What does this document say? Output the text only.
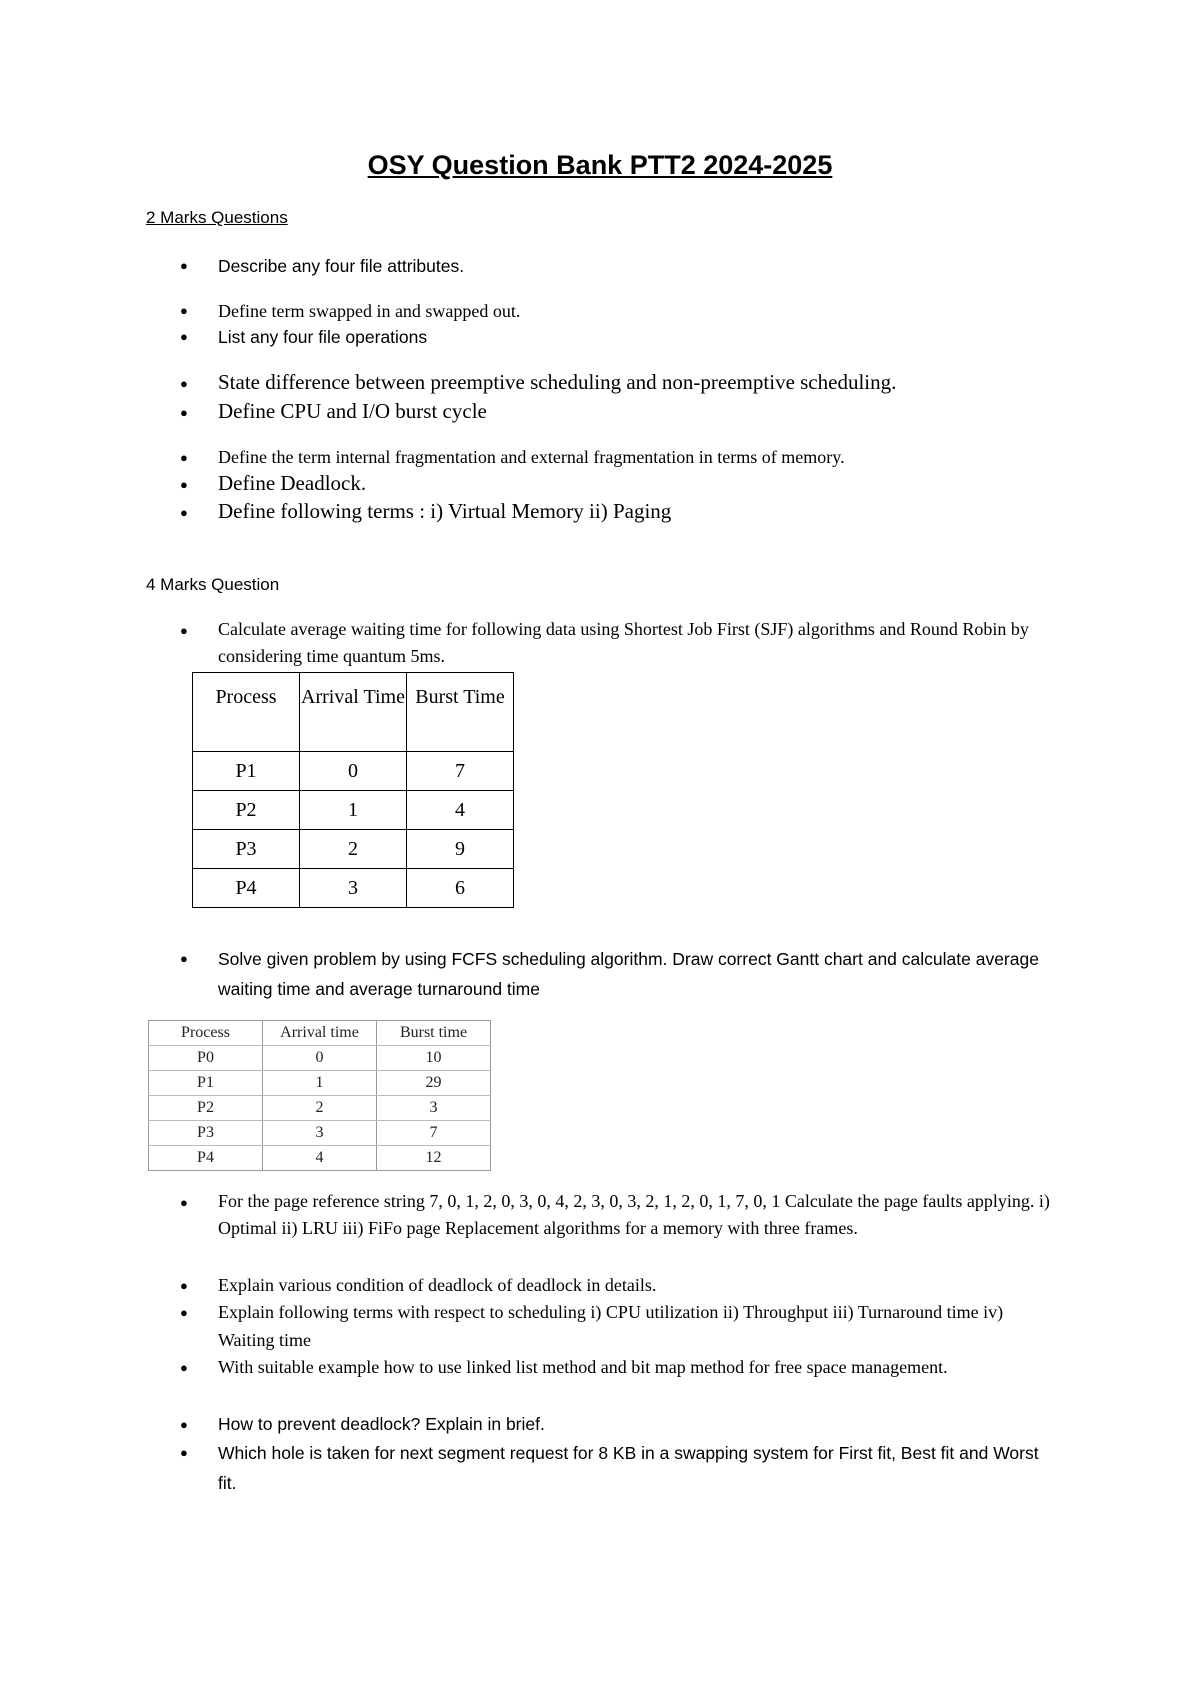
OSY Question Bank PTT2 2024-2025
2 Marks Questions
● Describe any four file attributes.
● Define term swapped in and swapped out.
● List any four file operations
● State difference between preemptive scheduling and non-preemptive scheduling.
● Define CPU and I/O burst cycle
● Define the term internal fragmentation and external fragmentation in terms of memory.
● Define Deadlock.
● Define following terms : i) Virtual Memory ii) Paging
4 Marks Question
● Calculate average waiting time for following data using Shortest Job First (SJF) algorithms and Round Robin by considering time quantum 5ms.
Process	Arrival Time	Burst Time
P1	0	7
P2	1	4
P3	2	9
P4	3	6
● Solve given problem by using FCFS scheduling algorithm. Draw correct Gantt chart and calculate average waiting time and average turnaround time
Process	Arrival time	Burst time
P0	0	10
P1	1	29
P2	2	3
P3	3	7
P4	4	12
● For the page reference string 7, 0, 1, 2, 0, 3, 0, 4, 2, 3, 0, 3, 2, 1, 2, 0, 1, 7, 0, 1 Calculate the page faults applying. i) Optimal ii) LRU iii) FiFo page Replacement algorithms for a memory with three frames.
● Explain various condition of deadlock of deadlock in details.
● Explain following terms with respect to scheduling i) CPU utilization ii) Throughput iii) Turnaround time iv) Waiting time
● With suitable example how to use linked list method and bit map method for free space management.
● How to prevent deadlock? Explain in brief.
● Which hole is taken for next segment request for 8 KB in a swapping system for First fit, Best fit and Worst fit.
